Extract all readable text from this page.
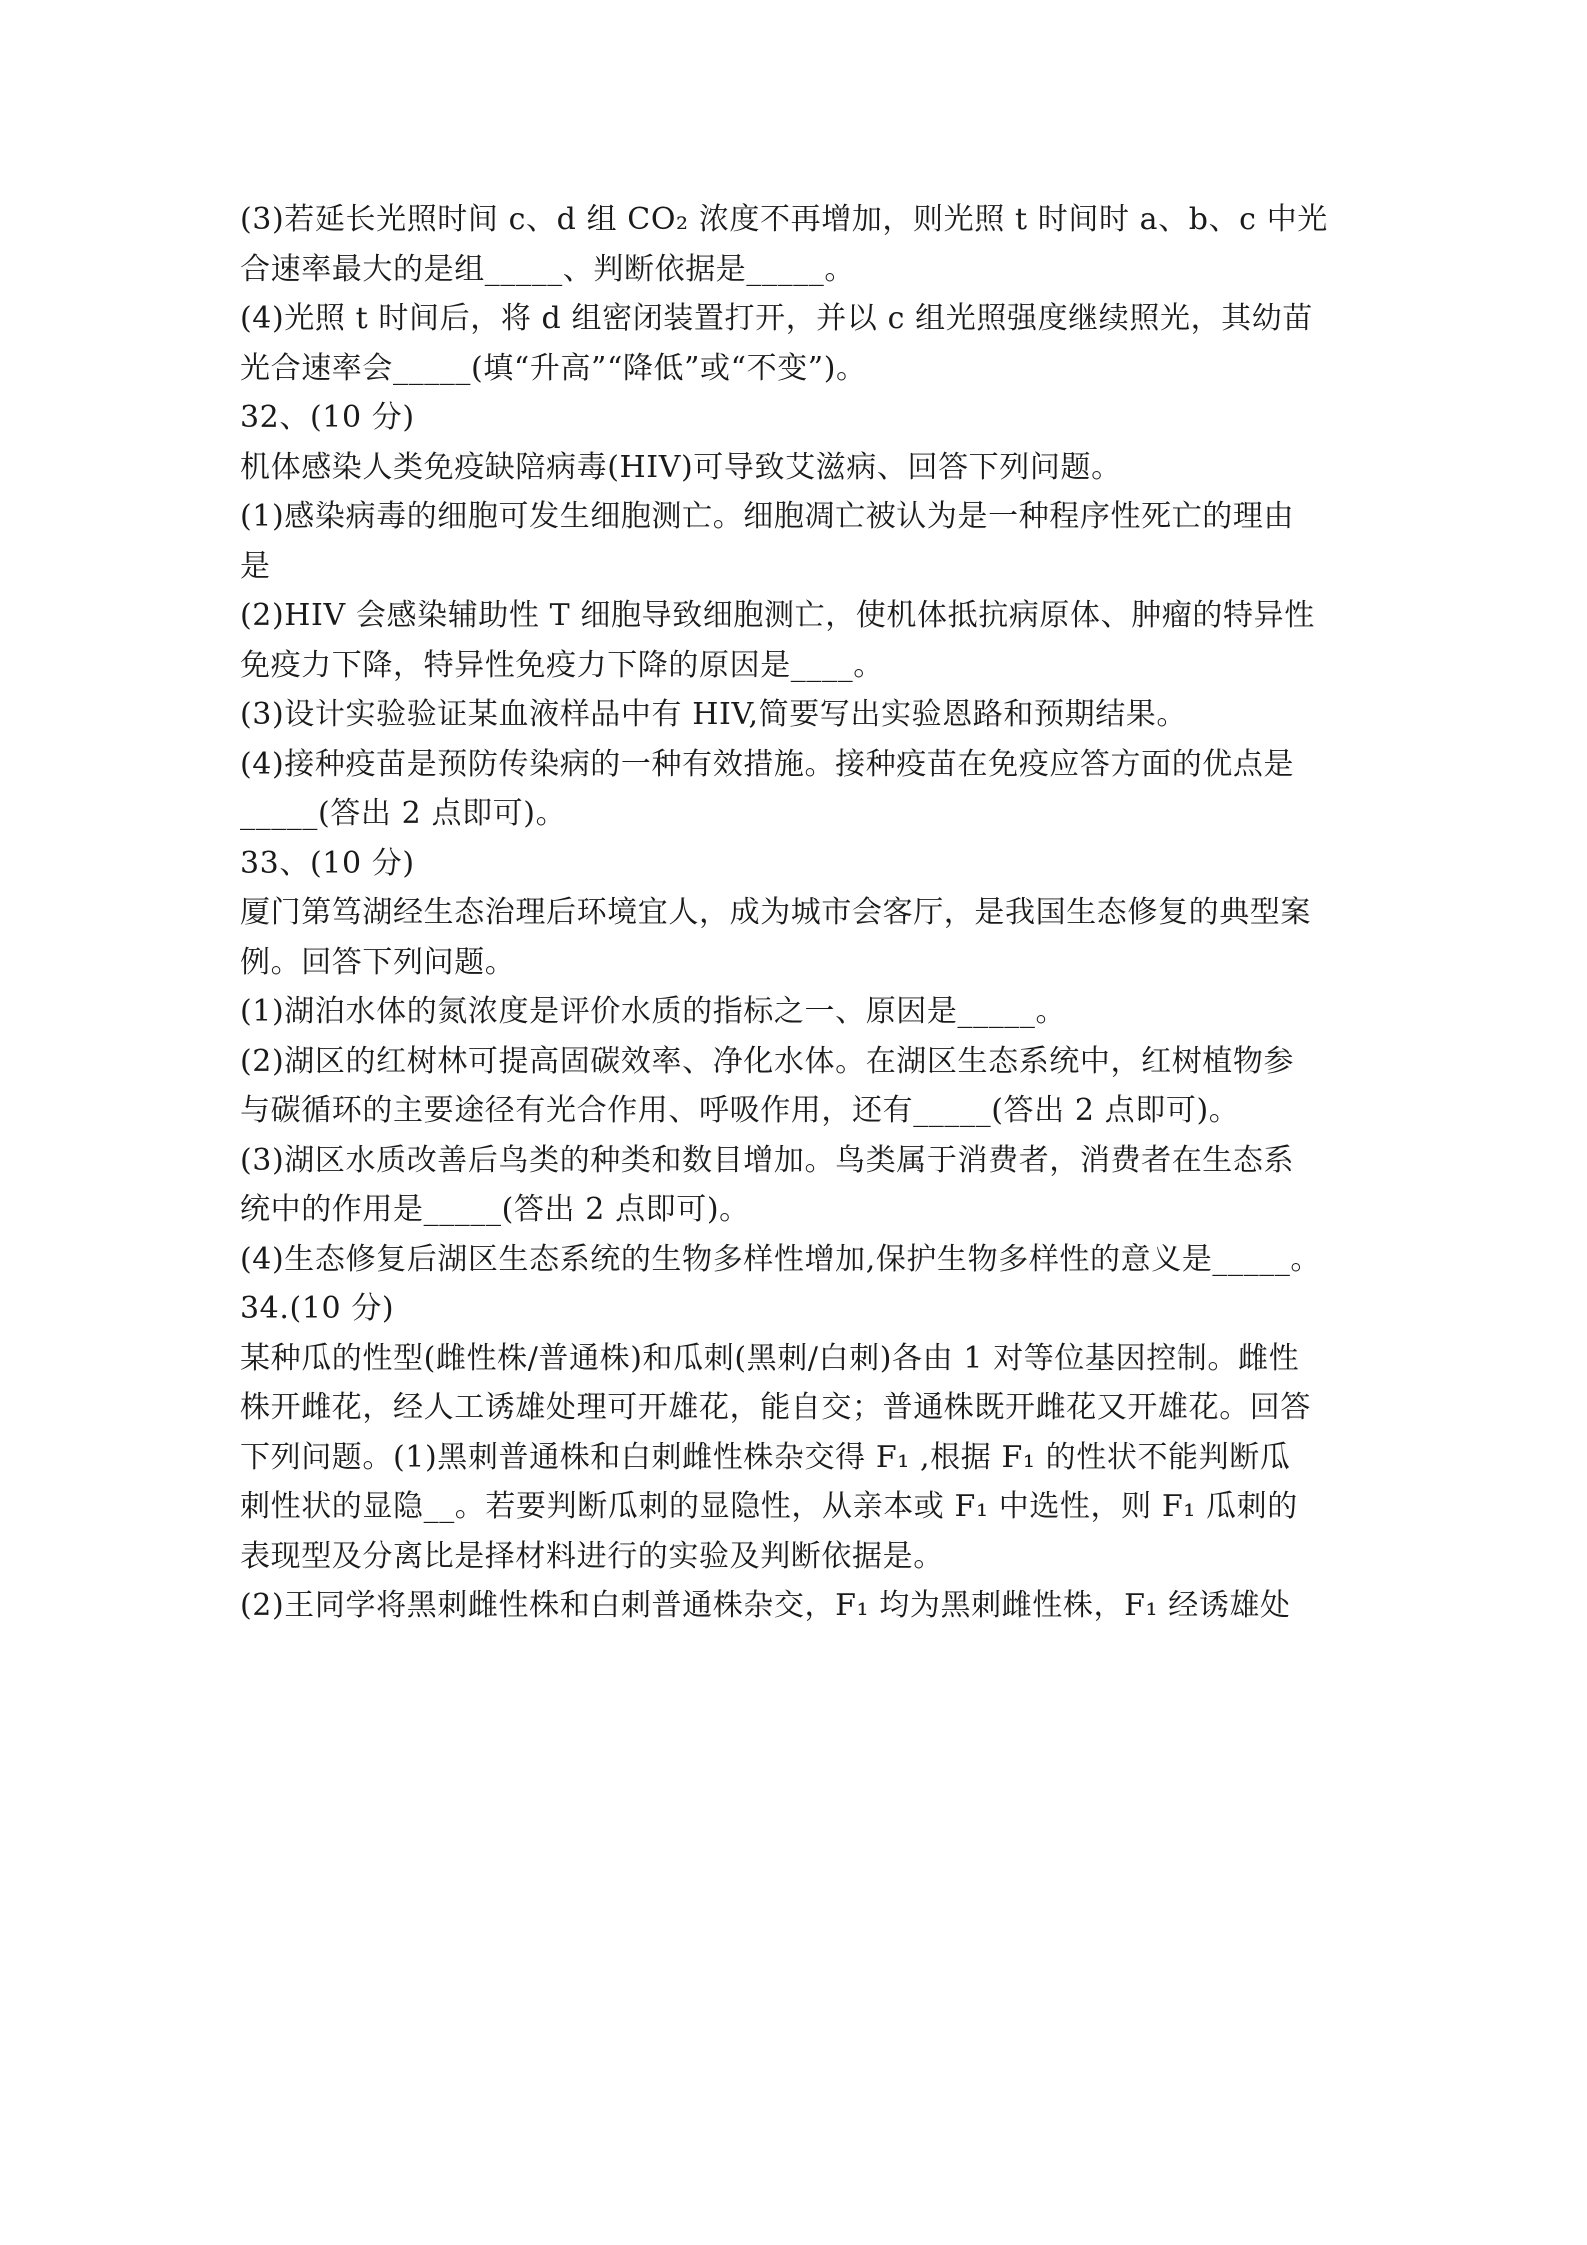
(3)若延长光照时间 c、d 组 CO₂ 浓度不再增加，则光照 t 时间时 a、b、c 中光
合速率最大的是组_____、判断依据是_____。
(4)光照 t 时间后，将 d 组密闭装置打开，并以 c 组光照强度继续照光，其幼苗
光合速率会_____(填“升高”“降低”或“不变”)。
32、(10 分)
机体感染人类免疫缺陪病毒(HIV)可导致艾滋病、回答下列问题。
(1)感染病毒的细胞可发生细胞测亡。细胞凋亡被认为是一种程序性死亡的理由
是
(2)HIV 会感染辅助性 T 细胞导致细胞测亡，使机体抵抗病原体、肿瘤的特异性
免疫力下降，特异性免疫力下降的原因是____。
(3)设计实验验证某血液样品中有 HIV,简要写出实验恩路和预期结果。
(4)接种疫苗是预防传染病的一种有效措施。接种疫苗在免疫应答方面的优点是
_____(答出 2 点即可)。
33、(10 分)
厦门第笃湖经生态治理后环境宜人，成为城市会客厅，是我国生态修复的典型案
例。回答下列问题。
(1)湖泊水体的氮浓度是评价水质的指标之一、原因是_____。
(2)湖区的红树林可提高固碳效率、净化水体。在湖区生态系统中，红树植物参
与碳循环的主要途径有光合作用、呼吸作用，还有_____(答出 2 点即可)。
(3)湖区水质改善后鸟类的种类和数目增加。鸟类属于消费者，消费者在生态系
统中的作用是_____(答出 2 点即可)。
(4)生态修复后湖区生态系统的生物多样性增加,保护生物多样性的意义是_____。
34.(10 分)
某种瓜的性型(雌性株/普通株)和瓜刺(黑刺/白刺)各由 1 对等位基因控制。雌性
株开雌花，经人工诱雄处理可开雄花，能自交；普通株既开雌花又开雄花。回答
下列问题。(1)黑刺普通株和白刺雌性株杂交得 F₁ ,根据 F₁ 的性状不能判断瓜
刺性状的显隐__。若要判断瓜刺的显隐性，从亲本或 F₁ 中选性，则 F₁ 瓜刺的
表现型及分离比是择材料进行的实验及判断依据是。
(2)王同学将黑刺雌性株和白刺普通株杂交，F₁ 均为黑刺雌性株，F₁ 经诱雄处
